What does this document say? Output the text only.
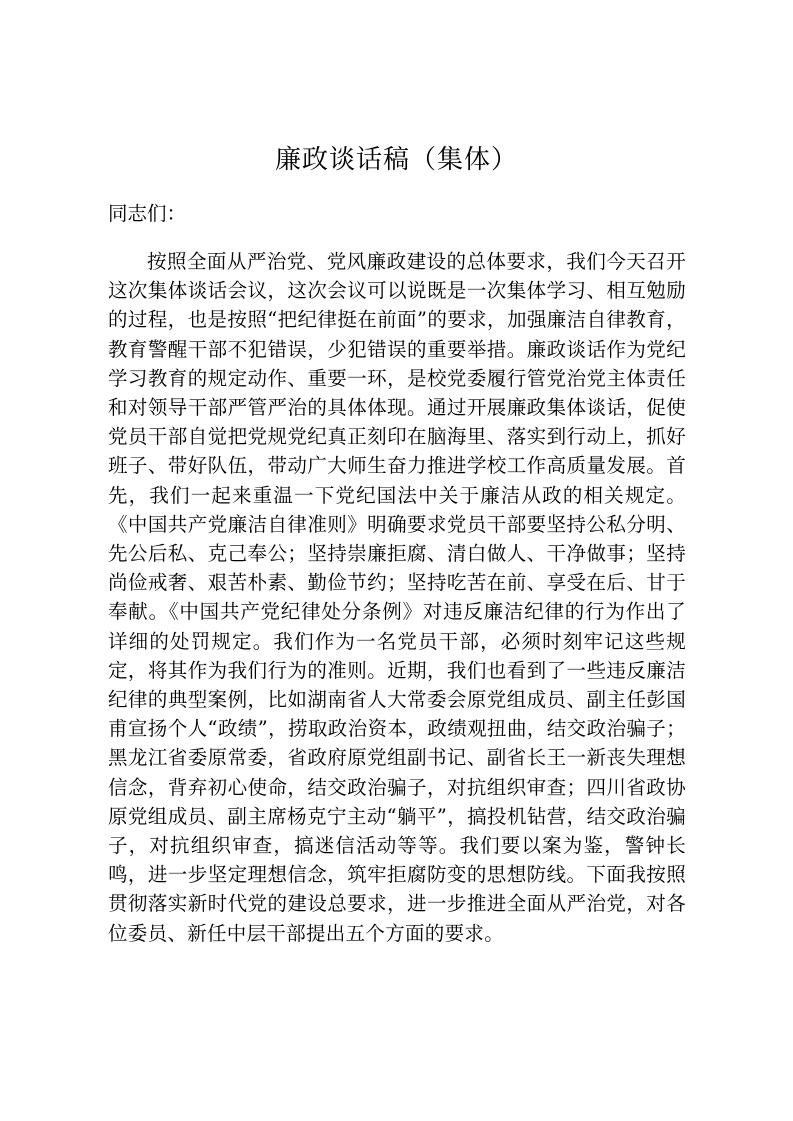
廉政谈话稿（集体）

同志们：

按照全面从严治党、党风廉政建设的总体要求，我们今天召开这次集体谈话会议，这次会议可以说既是一次集体学习、相互勉励的过程，也是按照“把纪律挺在前面”的要求，加强廉洁自律教育，教育警醒干部不犯错误，少犯错误的重要举措。廉政谈话作为党纪学习教育的规定动作、重要一环，是校党委履行管党治党主体责任和对领导干部严管严治的具体体现。通过开展廉政集体谈话，促使党员干部自觉把党规党纪真正刻印在脑海里、落实到行动上，抓好班子、带好队伍，带动广大师生奋力推进学校工作高质量发展。首先，我们一起来重温一下党纪国法中关于廉洁从政的相关规定。《中国共产党廉洁自律准则》明确要求党员干部要坚持公私分明、先公后私、克己奉公；坚持崇廉拒腐、清白做人、干净做事；坚持尚俭戒奢、艰苦朴素、勤俭节约；坚持吃苦在前、享受在后、甘于奉献。《中国共产党纪律处分条例》对违反廉洁纪律的行为作出了详细的处罚规定。我们作为一名党员干部，必须时刻牢记这些规定，将其作为我们行为的准则。近期，我们也看到了一些违反廉洁纪律的典型案例，比如湖南省人大常委会原党组成员、副主任彭国甫宣扬个人“政绩”，捞取政治资本，政绩观扭曲，结交政治骗子；黑龙江省委原常委，省政府原党组副书记、副省长王一新丧失理想信念，背弃初心使命，结交政治骗子，对抗组织审查；四川省政协原党组成员、副主席杨克宁主动“躺平”，搞投机钻营，结交政治骗子，对抗组织审查，搞迷信活动等等。我们要以案为鉴，警钟长鸣，进一步坚定理想信念，筑牢拒腐防变的思想防线。下面我按照贯彻落实新时代党的建设总要求，进一步推进全面从严治党，对各位委员、新任中层干部提出五个方面的要求。
